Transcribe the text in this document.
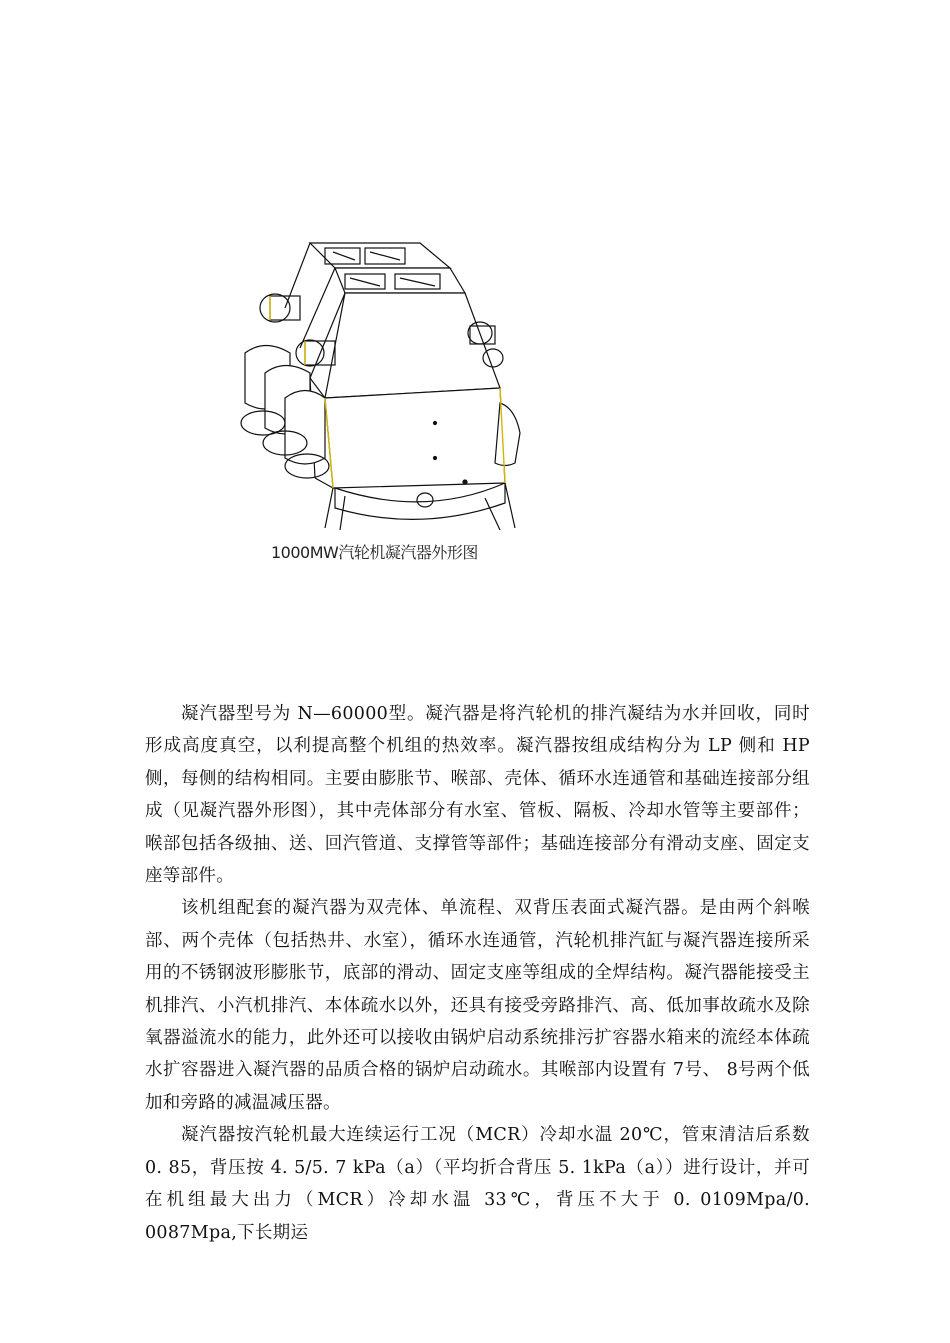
1000MW汽轮机凝汽器外形图

凝汽器型号为 N—60000型。凝汽器是将汽轮机的排汽凝结为水并回收，同时形成高度真空，以利提高整个机组的热效率。凝汽器按组成结构分为 LP 侧和 HP 侧，每侧的结构相同。主要由膨胀节、喉部、壳体、循环水连通管和基础连接部分组成（见凝汽器外形图），其中壳体部分有水室、管板、隔板、冷却水管等主要部件；喉部包括各级抽、送、回汽管道、支撑管等部件；基础连接部分有滑动支座、固定支座等部件。

该机组配套的凝汽器为双壳体、单流程、双背压表面式凝汽器。是由两个斜喉部、两个壳体（包括热井、水室），循环水连通管，汽轮机排汽缸与凝汽器连接所采用的不锈钢波形膨胀节，底部的滑动、固定支座等组成的全焊结构。凝汽器能接受主机排汽、小汽机排汽、本体疏水以外，还具有接受旁路排汽、高、低加事故疏水及除氧器溢流水的能力，此外还可以接收由锅炉启动系统排污扩容器水箱来的流经本体疏水扩容器进入凝汽器的品质合格的锅炉启动疏水。其喉部内设置有 7号、 8号两个低加和旁路的减温减压器。

凝汽器按汽轮机最大连续运行工况（MCR）冷却水温 20℃，管束清洁后系数 0. 85，背压按 4. 5/5. 7 kPa（a）（平均折合背压 5. 1kPa（a））进行设计，并可在机组最大出力（MCR）冷却水温 33℃，背压不大于 0. 0109Mpa/0. 0087Mpa,下长期运
